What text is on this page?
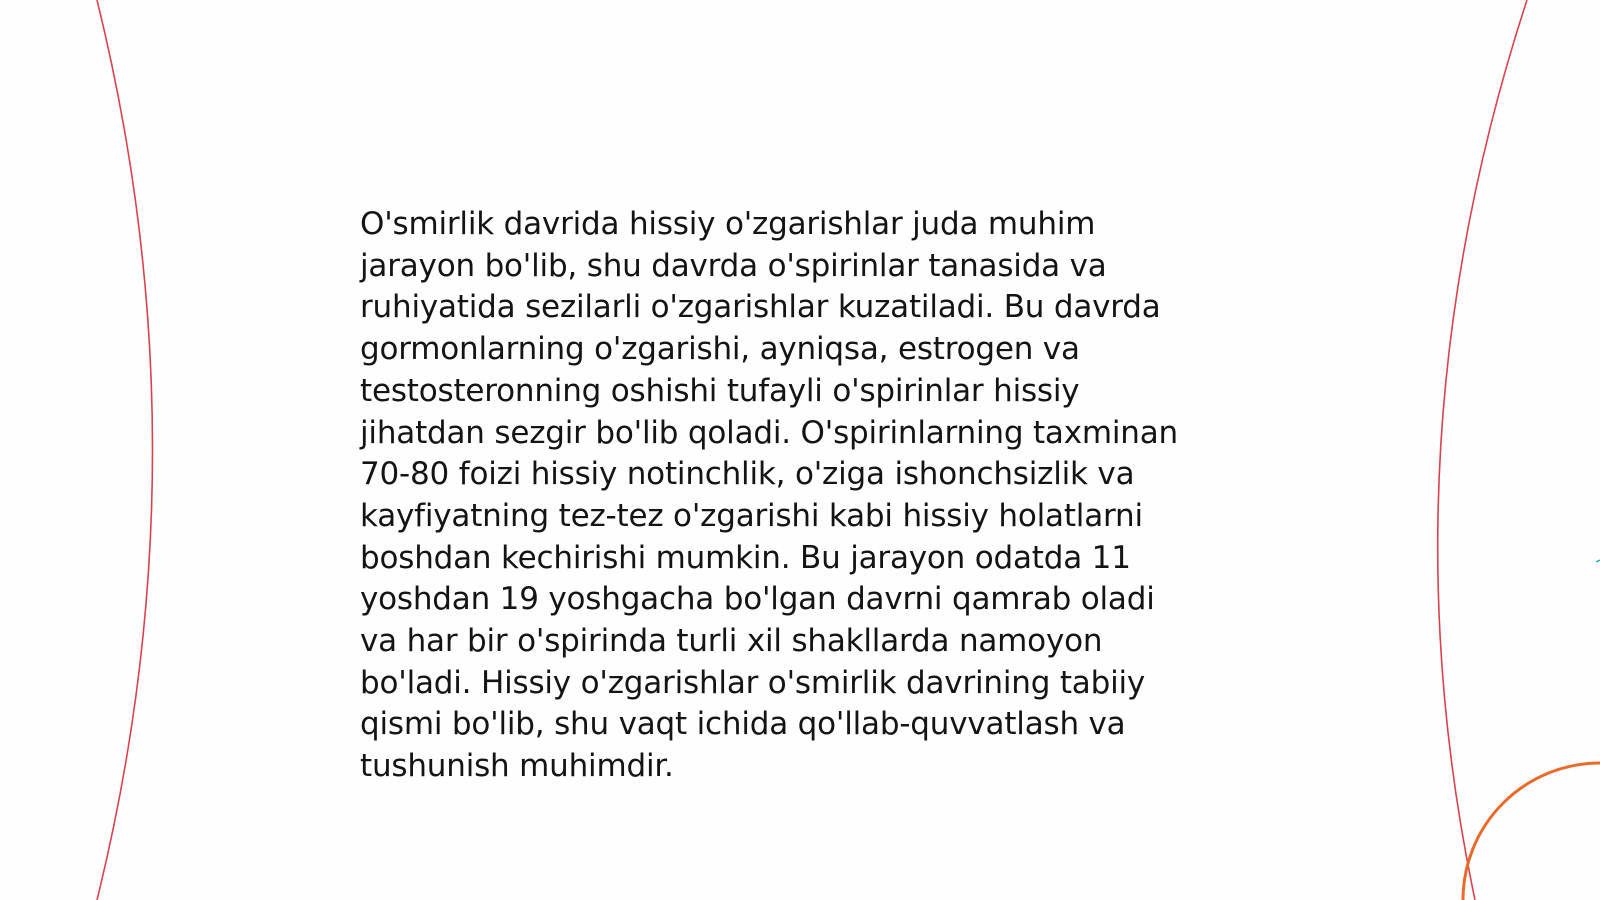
O'smirlik davrida hissiy o'zgarishlar juda muhim
jarayon bo'lib, shu davrda o'spirinlar tanasida va
ruhiyatida sezilarli o'zgarishlar kuzatiladi. Bu davrda
gormonlarning o'zgarishi, ayniqsa, estrogen va
testosteronning oshishi tufayli o'spirinlar hissiy
jihatdan sezgir bo'lib qoladi. O'spirinlarning taxminan
70-80 foizi hissiy notinchlik, o'ziga ishonchsizlik va
kayfiyatning tez-tez o'zgarishi kabi hissiy holatlarni
boshdan kechirishi mumkin. Bu jarayon odatda 11
yoshdan 19 yoshgacha bo'lgan davrni qamrab oladi
va har bir o'spirinda turli xil shakllarda namoyon
bo'ladi. Hissiy o'zgarishlar o'smirlik davrining tabiiy
qismi bo'lib, shu vaqt ichida qo'llab-quvvatlash va
tushunish muhimdir.
